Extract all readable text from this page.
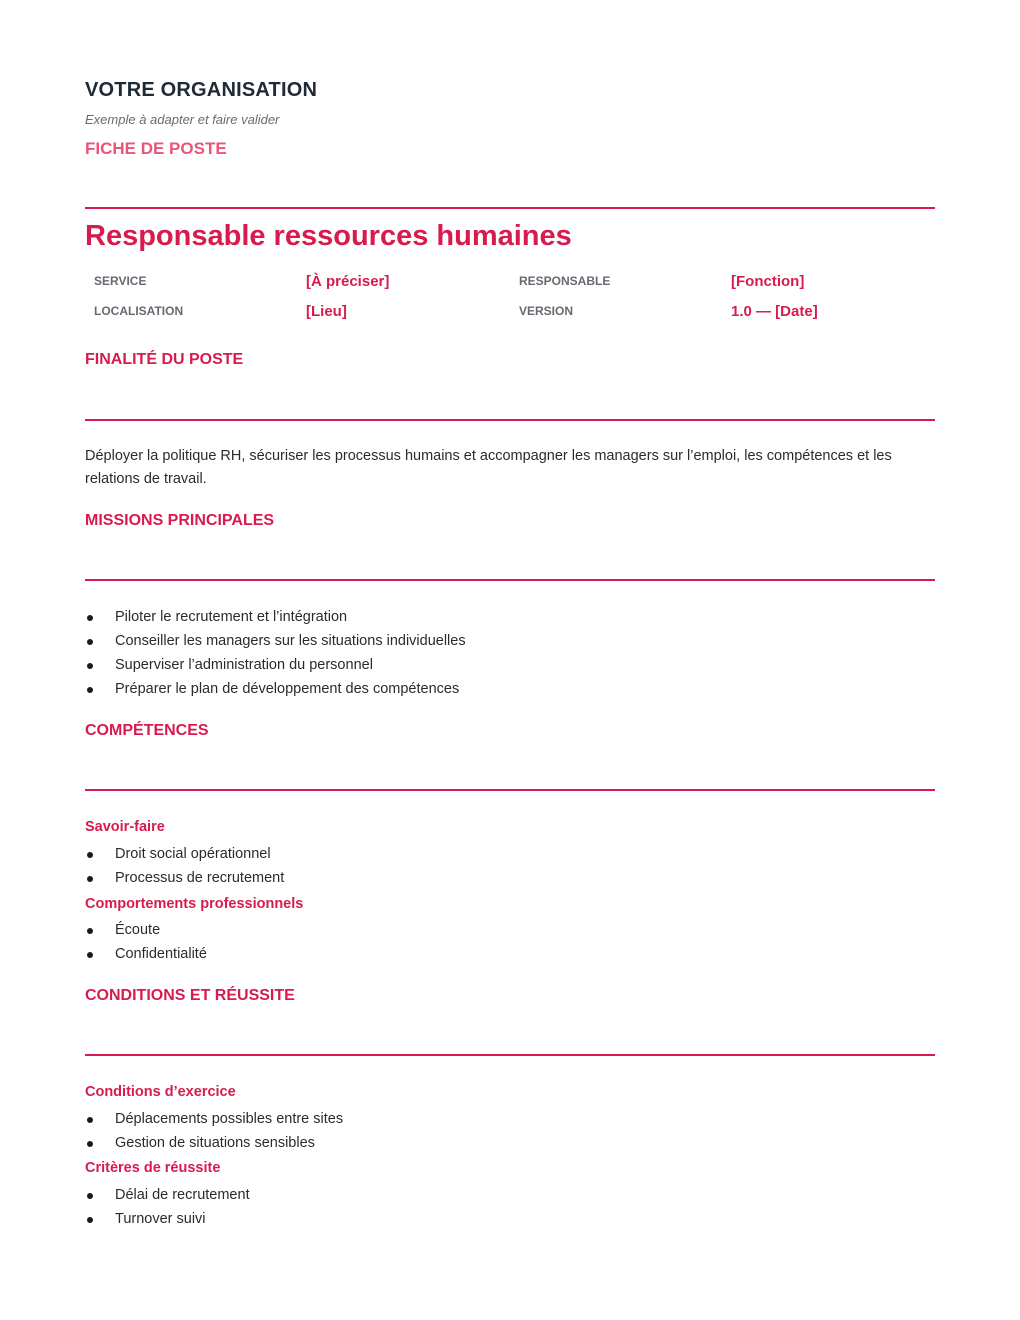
VOTRE ORGANISATION
Exemple à adapter et faire valider
FICHE DE POSTE
Responsable ressources humaines
SERVICE	[À préciser]	RESPONSABLE	[Fonction]
LOCALISATION	[Lieu]	VERSION	1.0 — [Date]
FINALITÉ DU POSTE
Déployer la politique RH, sécuriser les processus humains et accompagner les managers sur l’emploi, les compétences et les relations de travail.
MISSIONS PRINCIPALES
Piloter le recrutement et l’intégration
Conseiller les managers sur les situations individuelles
Superviser l’administration du personnel
Préparer le plan de développement des compétences
COMPÉTENCES
Savoir-faire
Droit social opérationnel
Processus de recrutement
Comportements professionnels
Écoute
Confidentialité
CONDITIONS ET RÉUSSITE
Conditions d’exercice
Déplacements possibles entre sites
Gestion de situations sensibles
Critères de réussite
Délai de recrutement
Turnover suivi
